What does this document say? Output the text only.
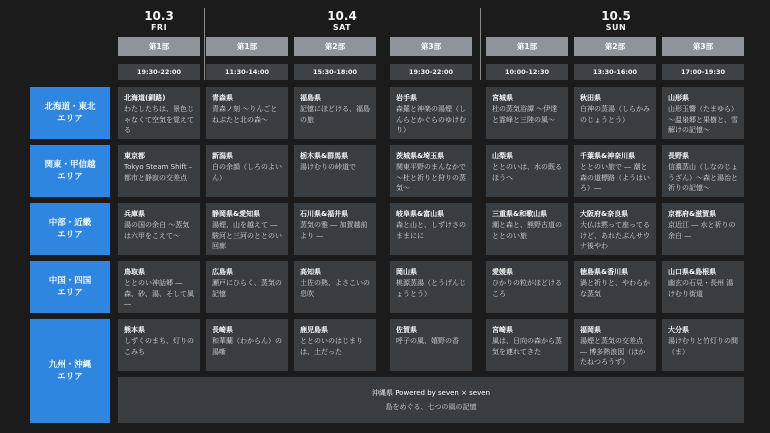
10.3
FRI
10.4
SAT
10.5
SUN
第1部
19:30-22:00
第1部
11:30-14:00
第2部
15:30-18:00
第3部
19:30-22:00
第1部
10:00-12:30
第2部
13:30-16:00
第3部
17:00-19:30
北海道・東北
エリア
関東・甲信越
エリア
中部・近畿
エリア
中国・四国
エリア
九州・沖縄
エリア
北海道(釧路)
わたしたちは、景色じゃなくて空気を覚えてる
青森県
青森ノ刻 ～りんごとねぶたと北の森～
福島県
記憶にほどける、福島の旅
岩手県
森羅と神楽の湯煙（しんらとかぐらのゆけむり）
宮城県
杜の蒸気浴譚 ～伊達と霊峰と三陸の風～
秋田県
白神の蒸湯（しらかみのじょうとう）
山形県
山形玉響（たまゆら）～温泉郷と果樹と、雪解けの記憶～
東京都
Tokyo Steam Shift – 都市と静寂の交差点
新潟県
白の余韻（しろのよいん）
栃木県&群馬県
湯けむりの峠道で
茨城県&埼玉県
関東平野のまんなかで ～杜と祈りと狩りの蒸気～
山梨県
ととのいは、水の既るほうへ
千葉県&神奈川県
ととのい旅で ― 潮と森の道標路（ようはいろ）―
長野県
信濃蒸山（しなのじょうざん）～森と湯治と祈りの記憶～
兵庫県
湯の国の余白 ～蒸気は六甲をこえて～
静岡県&愛知県
湯煙、山を越えて ― 駿河と三河のととのい回廊
石川県&福井県
蒸気の雅 ― 加賀越前より ―
岐阜県&富山県
森と山と、しずけさのままにに
三重県&和歌山県
潮と森と、熊野古道のととのい旅
大阪府&奈良県
大仏は黙って座ってるけど、あれたぶんサウナ後やわ
京都府&滋賀県
京近江 ― 水と祈りの余白 ―
鳥取県
ととのい神話郷 ― 森、砂、湯、そして風 ―
広島県
瀬戸にひらく、蒸気の記憶
高知県
土佐の熱、よさこいの息吹
岡山県
桃源蒸湯（とうげんじょうとう）
愛媛県
ひかりの粒がほどけるころ
徳島県&香川県
渦と祈りと、やわらかな蒸気
山口県&島根県
幽玄の石見・長州 湯けむり街道
熊本県
しずくのまち、灯りのこみち
長崎県
和華蘭（わからん）の湯噺
鹿児島県
ととのいのはじまりは、土だった
佐賀県
呼子の風、嬉野の香
宮崎県
風は、日向の森から蒸気を連れてきた
福岡県
湯煙と蒸気の交差点 ― 博多熱浪図（はかたねつろうず）
大分県
湯けむりと竹灯りの間（ま）
沖縄県 Powered by seven × seven
島をめぐる、七つの風の記憶
